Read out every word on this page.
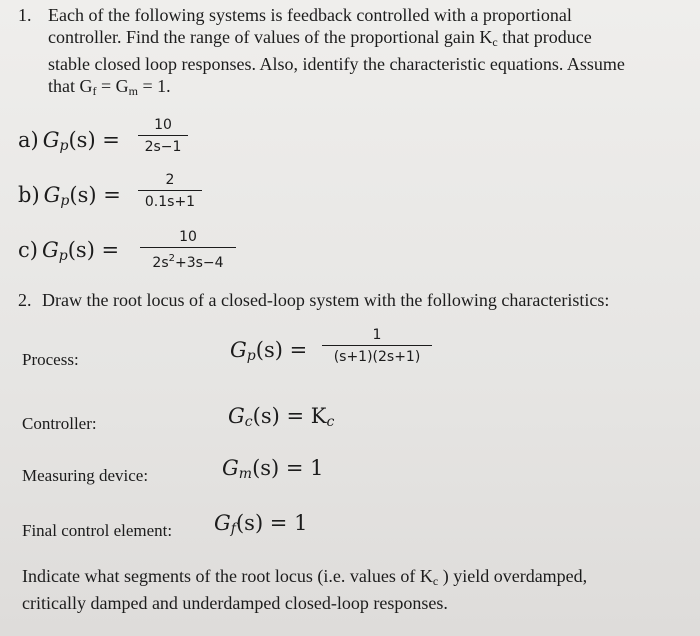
1. Each of the following systems is feedback controlled with a proportional
controller. Find the range of values of the proportional gain $K_c$ that produce
stable closed loop responses. Also, identify the characteristic equations. Assume
that $G_f = G_m = 1$.
a) Gp(s) =
10
2s−1
b) Gp(s) =
2
0.1s+1
c) Gp(s) =
10
$2s^2+3s-4$
2. Draw the root locus of a closed-loop system with the following characteristics:
Process:	Gp(s) =
1
(s+1)(2s+1)
Controller:	Gc(s) = Kc
Measuring device:	Gm(s) = 1
Final control element: Gf(s) = 1
Indicate what segments of the root locus (i.e. values of $K_c$ ) yield overdamped,
critically damped and underdamped closed-loop responses.
